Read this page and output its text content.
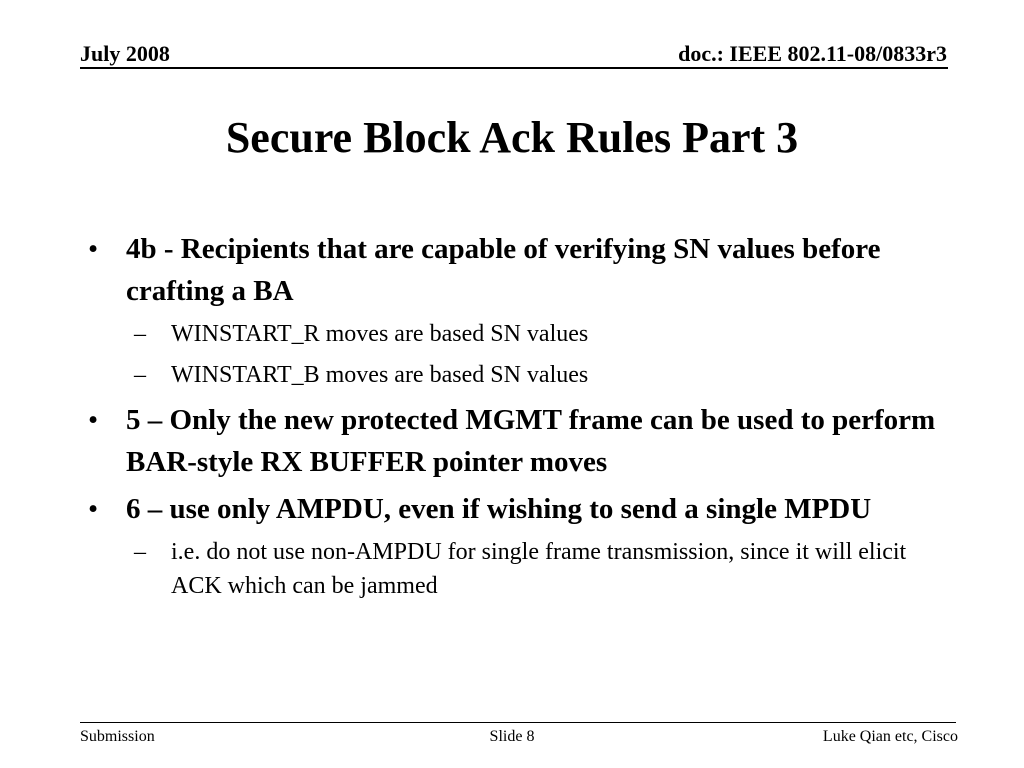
July 2008	doc.: IEEE 802.11-08/0833r3
Secure Block Ack Rules Part 3
• 4b - Recipients that are capable of verifying SN values before crafting a BA
– WINSTART_R moves are based SN values
– WINSTART_B moves are based SN values
• 5 – Only the new protected MGMT frame can be used to perform BAR-style RX BUFFER pointer moves
• 6 – use only AMPDU, even if wishing to send a single MPDU
– i.e. do not use non-AMPDU for single frame transmission, since it will elicit ACK which can be jammed
Submission	Slide 8	Luke Qian etc, Cisco
